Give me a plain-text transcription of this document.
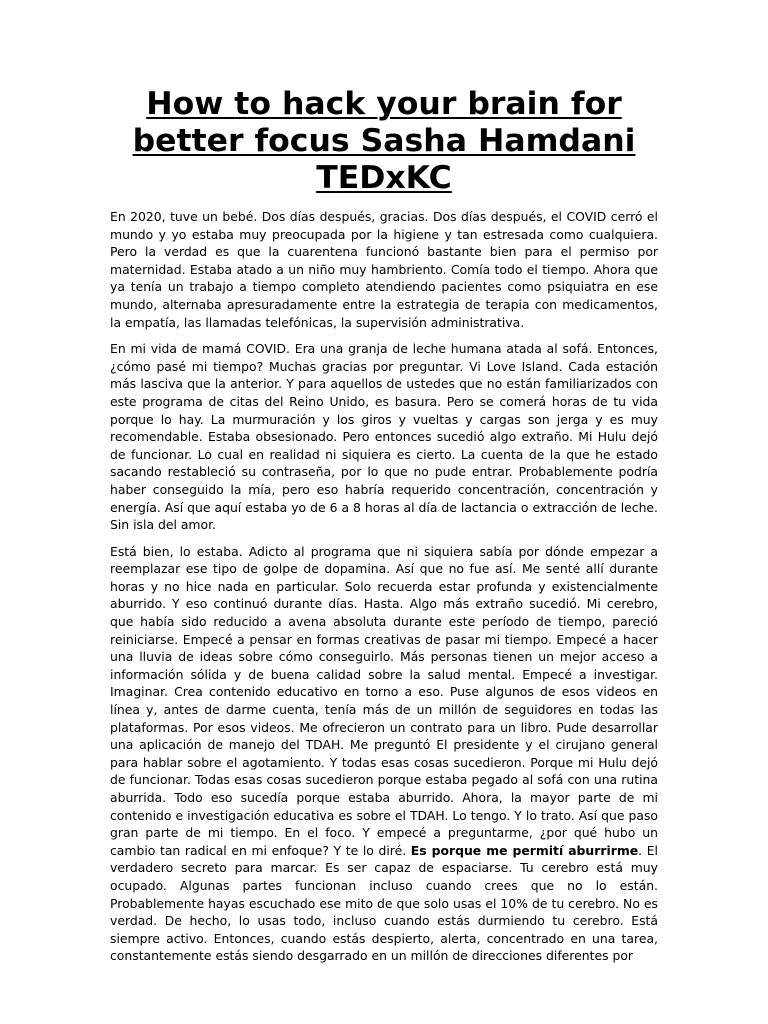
How to hack your brain for better focus Sasha Hamdani TEDxKC

En 2020, tuve un bebé. Dos días después, gracias. Dos días después, el COVID cerró el mundo y yo estaba muy preocupada por la higiene y tan estresada como cualquiera. Pero la verdad es que la cuarentena funcionó bastante bien para el permiso por maternidad. Estaba atado a un niño muy hambriento. Comía todo el tiempo. Ahora que ya tenía un trabajo a tiempo completo atendiendo pacientes como psiquiatra en ese mundo, alternaba apresuradamente entre la estrategia de terapia con medicamentos, la empatía, las llamadas telefónicas, la supervisión administrativa.

En mi vida de mamá COVID. Era una granja de leche humana atada al sofá. Entonces, ¿cómo pasé mi tiempo? Muchas gracias por preguntar. Vi Love Island. Cada estación más lasciva que la anterior. Y para aquellos de ustedes que no están familiarizados con este programa de citas del Reino Unido, es basura. Pero se comerá horas de tu vida porque lo hay. La murmuración y los giros y vueltas y cargas son jerga y es muy recomendable. Estaba obsesionado. Pero entonces sucedió algo extraño. Mi Hulu dejó de funcionar. Lo cual en realidad ni siquiera es cierto. La cuenta de la que he estado sacando restableció su contraseña, por lo que no pude entrar. Probablemente podría haber conseguido la mía, pero eso habría requerido concentración, concentración y energía. Así que aquí estaba yo de 6 a 8 horas al día de lactancia o extracción de leche. Sin isla del amor.

Está bien, lo estaba. Adicto al programa que ni siquiera sabía por dónde empezar a reemplazar ese tipo de golpe de dopamina. Así que no fue así. Me senté allí durante horas y no hice nada en particular. Solo recuerda estar profunda y existencialmente aburrido. Y eso continuó durante días. Hasta. Algo más extraño sucedió. Mi cerebro, que había sido reducido a avena absoluta durante este período de tiempo, pareció reiniciarse. Empecé a pensar en formas creativas de pasar mi tiempo. Empecé a hacer una lluvia de ideas sobre cómo conseguirlo. Más personas tienen un mejor acceso a información sólida y de buena calidad sobre la salud mental. Empecé a investigar. Imaginar. Crea contenido educativo en torno a eso. Puse algunos de esos videos en línea y, antes de darme cuenta, tenía más de un millón de seguidores en todas las plataformas. Por esos videos. Me ofrecieron un contrato para un libro. Pude desarrollar una aplicación de manejo del TDAH. Me preguntó El presidente y el cirujano general para hablar sobre el agotamiento. Y todas esas cosas sucedieron. Porque mi Hulu dejó de funcionar. Todas esas cosas sucedieron porque estaba pegado al sofá con una rutina aburrida. Todo eso sucedía porque estaba aburrido. Ahora, la mayor parte de mi contenido e investigación educativa es sobre el TDAH. Lo tengo. Y lo trato. Así que paso gran parte de mi tiempo. En el foco. Y empecé a preguntarme, ¿por qué hubo un cambio tan radical en mi enfoque? Y te lo diré. Es porque me permití aburrirme. El verdadero secreto para marcar. Es ser capaz de espaciarse. Tu cerebro está muy ocupado. Algunas partes funcionan incluso cuando crees que no lo están. Probablemente hayas escuchado ese mito de que solo usas el 10% de tu cerebro. No es verdad. De hecho, lo usas todo, incluso cuando estás durmiendo tu cerebro. Está siempre activo. Entonces, cuando estás despierto, alerta, concentrado en una tarea, constantemente estás siendo desgarrado en un millón de direcciones diferentes por
